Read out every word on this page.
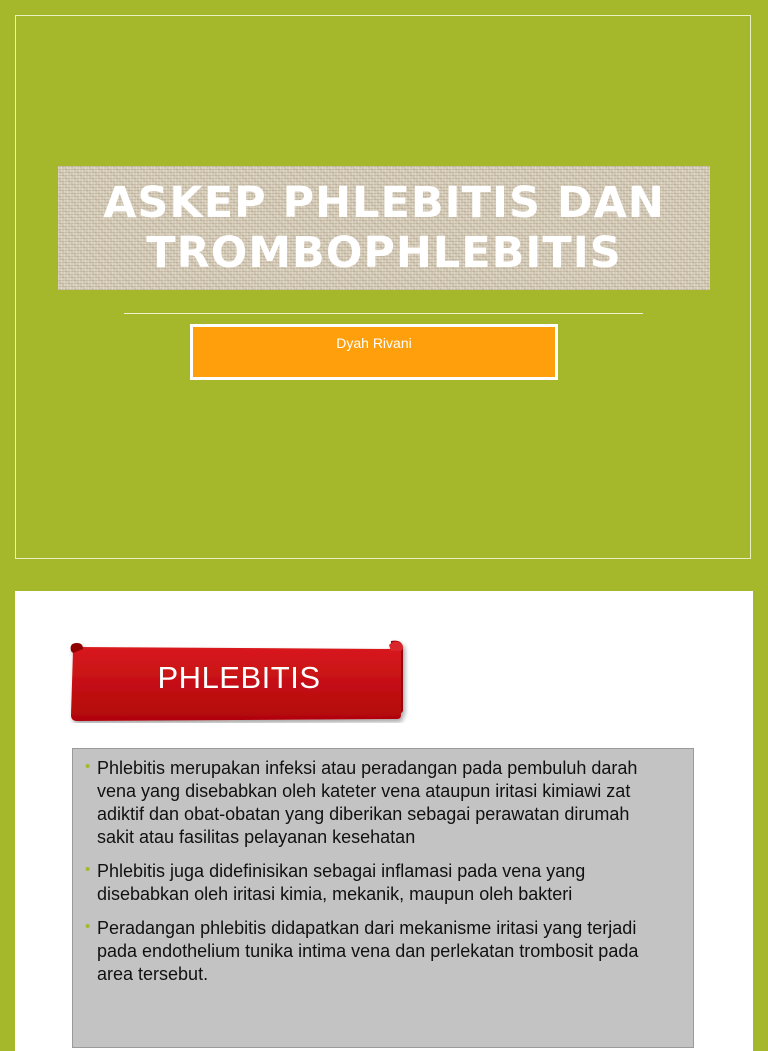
ASKEP PHLEBITIS DAN
TROMBOPHLEBITIS
Dyah Rivani
PHLEBITIS
• Phlebitis merupakan infeksi atau peradangan pada pembuluh darah vena yang disebabkan oleh kateter vena ataupun iritasi kimiawi zat adiktif dan obat-obatan yang diberikan sebagai perawatan dirumah sakit atau fasilitas pelayanan kesehatan
• Phlebitis juga didefinisikan sebagai inflamasi pada vena yang disebabkan oleh iritasi kimia, mekanik, maupun oleh bakteri
• Peradangan phlebitis didapatkan dari mekanisme iritasi yang terjadi pada endothelium tunika intima vena dan perlekatan trombosit pada area tersebut.
